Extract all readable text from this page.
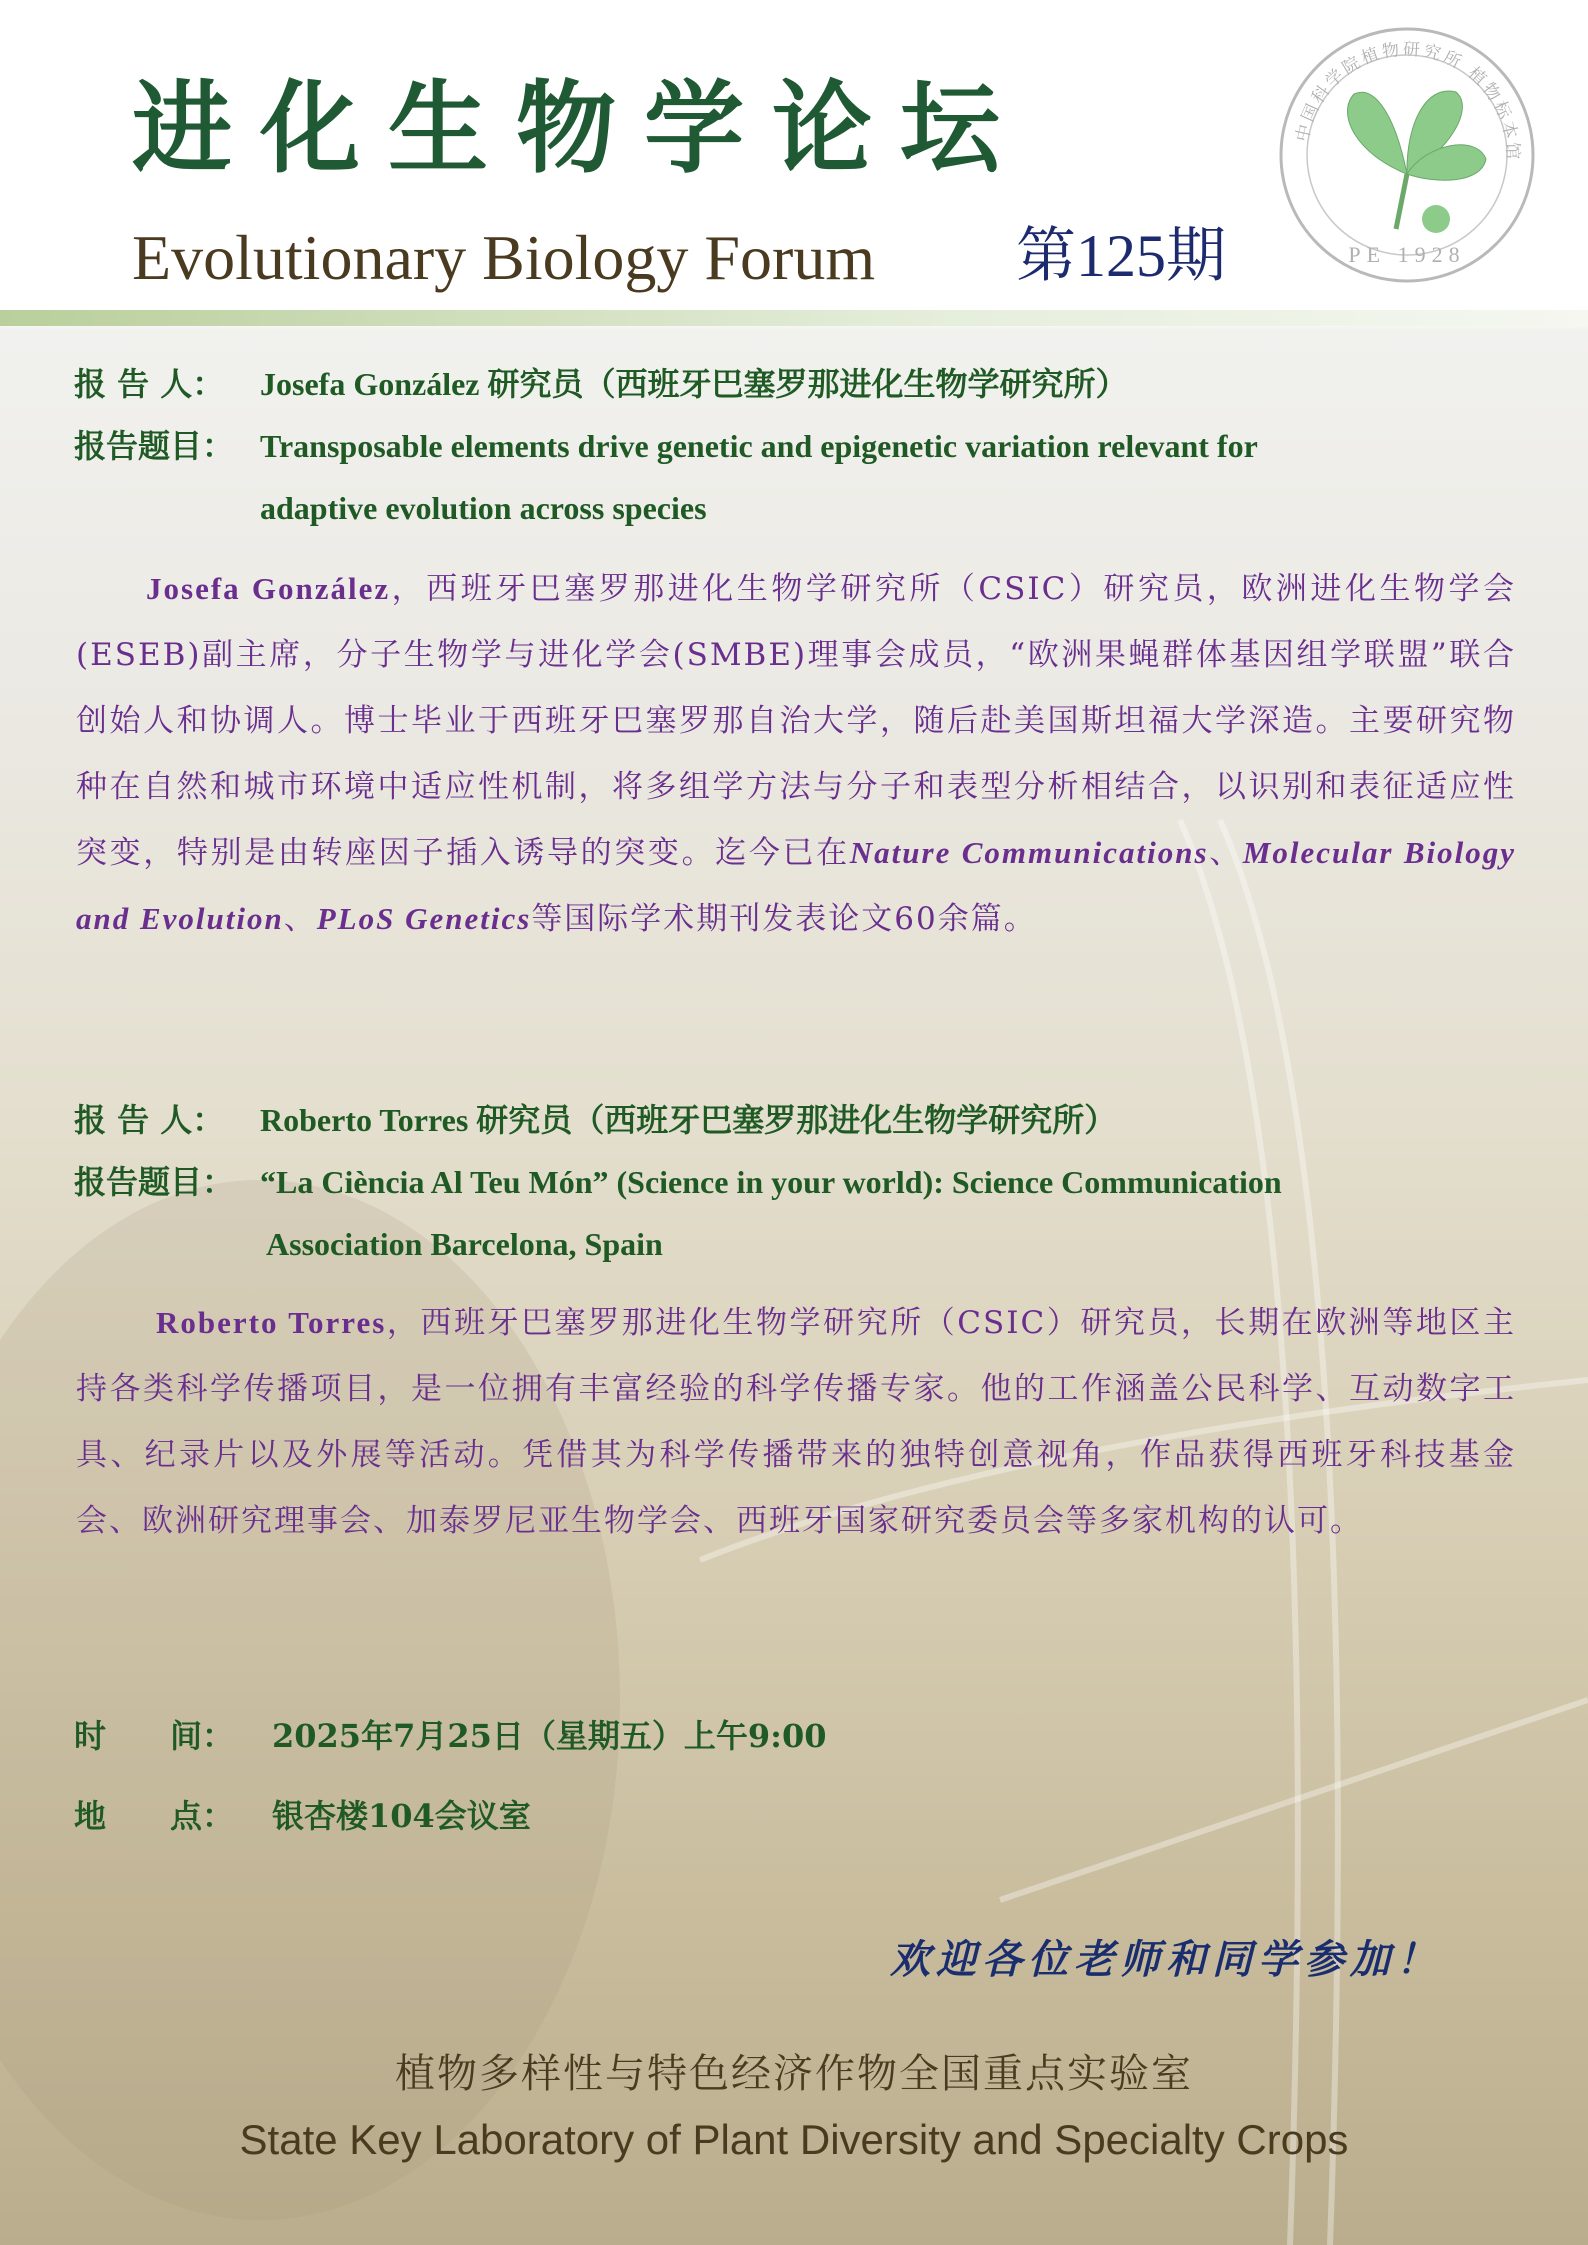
进化生物学论坛
Evolutionary Biology Forum 第125期
中国科学院植物研究所 植物标本馆
PE 1928
报 告 人： Josefa González 研究员（西班牙巴塞罗那进化生物学研究所）
报告题目： Transposable elements drive genetic and epigenetic variation relevant for
adaptive evolution across species
Josefa González，西班牙巴塞罗那进化生物学研究所（CSIC）研究员，欧洲进化生物学会(ESEB)副主席，分子生物学与进化学会(SMBE)理事会成员，“欧洲果蝇群体基因组学联盟”联合创始人和协调人。博士毕业于西班牙巴塞罗那自治大学，随后赴美国斯坦福大学深造。主要研究物种在自然和城市环境中适应性机制，将多组学方法与分子和表型分析相结合，以识别和表征适应性突变，特别是由转座因子插入诱导的突变。迄今已在Nature Communications、Molecular Biology and Evolution、PLoS Genetics等国际学术期刊发表论文60余篇。
报 告 人： Roberto Torres 研究员（西班牙巴塞罗那进化生物学研究所）
报告题目： “La Ciència Al Teu Món” (Science in your world): Science Communication
Association Barcelona, Spain
Roberto Torres，西班牙巴塞罗那进化生物学研究所（CSIC）研究员，长期在欧洲等地区主持各类科学传播项目，是一位拥有丰富经验的科学传播专家。他的工作涵盖公民科学、互动数字工具、纪录片以及外展等活动。凭借其为科学传播带来的独特创意视角，作品获得西班牙科技基金会、欧洲研究理事会、加泰罗尼亚生物学会、西班牙国家研究委员会等多家机构的认可。
时　　间： 2025年7月25日（星期五）上午9:00
地　　点： 银杏楼104会议室
欢迎各位老师和同学参加！
植物多样性与特色经济作物全国重点实验室
State Key Laboratory of Plant Diversity and Specialty Crops
